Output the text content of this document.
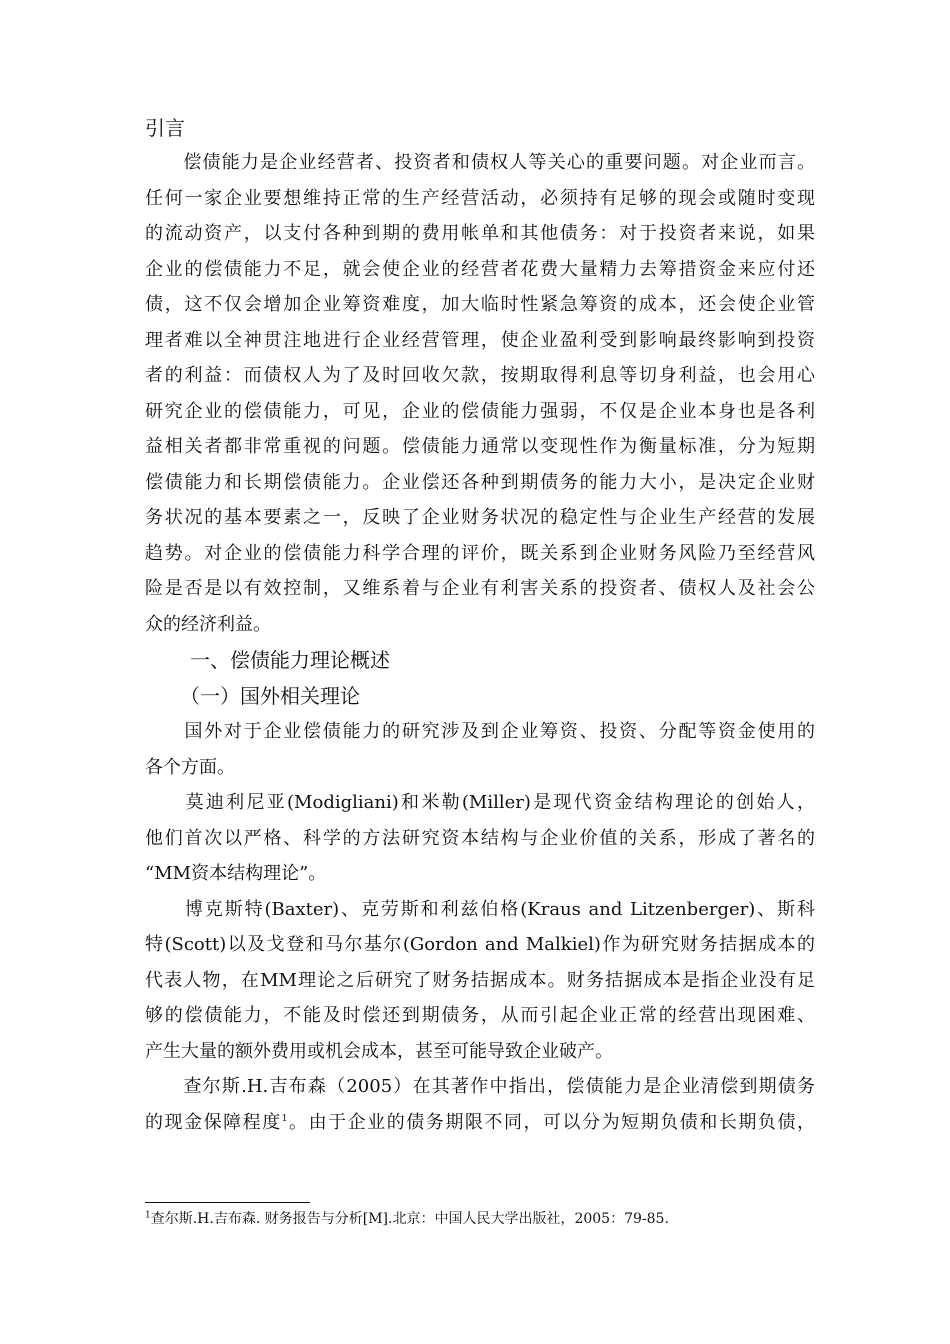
引言
　　偿债能力是企业经营者、投资者和债权人等关心的重要问题。对企业而言。
任何一家企业要想维持正常的生产经营活动，必须持有足够的现会或随时变现
的流动资产，以支付各种到期的费用帐单和其他债务：对于投资者来说，如果
企业的偿债能力不足，就会使企业的经营者花费大量精力去筹措资金来应付还
债，这不仅会增加企业筹资难度，加大临时性紧急筹资的成本，还会使企业管
理者难以全神贯注地进行企业经营管理，使企业盈利受到影响最终影响到投资
者的利益：而债权人为了及时回收欠款，按期取得利息等切身利益，也会用心
研究企业的偿债能力，可见，企业的偿债能力强弱，不仅是企业本身也是各利
益相关者都非常重视的问题。偿债能力通常以变现性作为衡量标准，分为短期
偿债能力和长期偿债能力。企业偿还各种到期债务的能力大小，是决定企业财
务状况的基本要素之一，反映了企业财务状况的稳定性与企业生产经营的发展
趋势。对企业的偿债能力科学合理的评价，既关系到企业财务风险乃至经营风
险是否是以有效控制，又维系着与企业有利害关系的投资者、债权人及社会公
众的经济利益。
一、偿债能力理论概述
（一）国外相关理论
　　国外对于企业偿债能力的研究涉及到企业筹资、投资、分配等资金使用的
各个方面。
　　莫迪利尼亚(Modigliani)和米勒(Miller)是现代资金结构理论的创始人，
他们首次以严格、科学的方法研究资本结构与企业价值的关系，形成了著名的
“MM资本结构理论”。
　　博克斯特(Baxter)、克劳斯和利兹伯格(Kraus and Litzenberger)、斯科
特(Scott)以及戈登和马尔基尔(Gordon and Malkiel)作为研究财务拮据成本的
代表人物，在MM理论之后研究了财务拮据成本。财务拮据成本是指企业没有足
够的偿债能力，不能及时偿还到期债务，从而引起企业正常的经营出现困难、
产生大量的额外费用或机会成本，甚至可能导致企业破产。
　　查尔斯.H.吉布森（2005）在其著作中指出，偿债能力是企业清偿到期债务
的现金保障程度$^1$。由于企业的债务期限不同，可以分为短期负债和长期负债，
$^1$查尔斯.H.吉布森. 财务报告与分析[M].北京：中国人民大学出版社，2005：79-85.
